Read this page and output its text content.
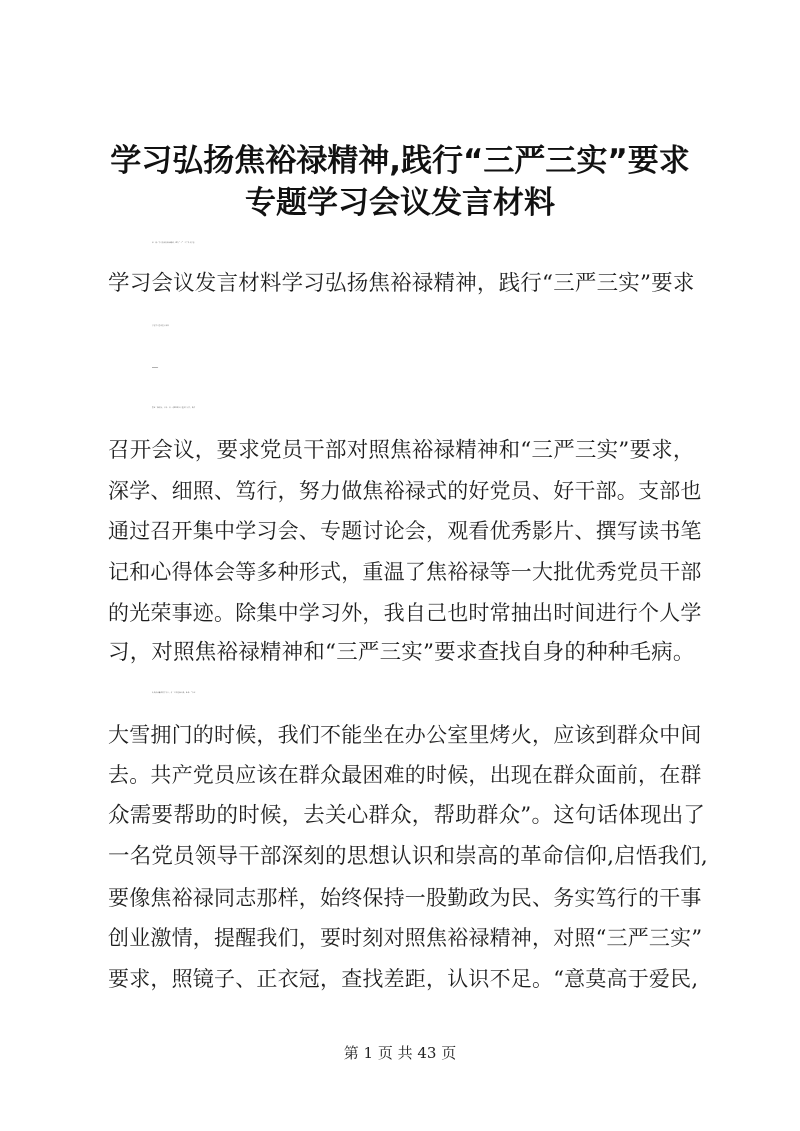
学习弘扬焦裕禄精神,践行“三严三实”要求
专题学习会议发言材料
第一篇: 学习弘扬焦裕禄精神，践行“三严三实”要求专题
学习会议发言材料学习弘扬焦裕禄精神，践行“三严三实”要求
专题学习会议发言材料
xxxxxx
最近一段时间，中央、省、市XX县区下发多个文件，数次
召开会议，要求党员干部对照焦裕禄精神和“三严三实”要求，
深学、细照、笃行，努力做焦裕禄式的好党员、好干部。支部也
通过召开集中学习会、专题讨论会，观看优秀影片、撰写读书笔
记和心得体会等多种形式，重温了焦裕禄等一大批优秀党员干部
的光荣事迹。除集中学习外，我自己也时常抽出时间进行个人学
习，对照焦裕禄精神和“三严三实”要求查找自身的种种毛病。
在焦裕禄精神的学习中，有一句话很触动我，他说：“在这
大雪拥门的时候，我们不能坐在办公室里烤火，应该到群众中间
去。共产党员应该在群众最困难的时候，出现在群众面前，在群
众需要帮助的时候，去关心群众，帮助群众”。这句话体现出了
一名党员领导干部深刻的思想认识和崇高的革命信仰,启悟我们,
要像焦裕禄同志那样，始终保持一股勤政为民、务实笃行的干事
创业激情，提醒我们，要时刻对照焦裕禄精神，对照“三严三实”
要求，照镜子、正衣冠，查找差距，认识不足。“意莫高于爱民,
第 1 页 共 43 页
